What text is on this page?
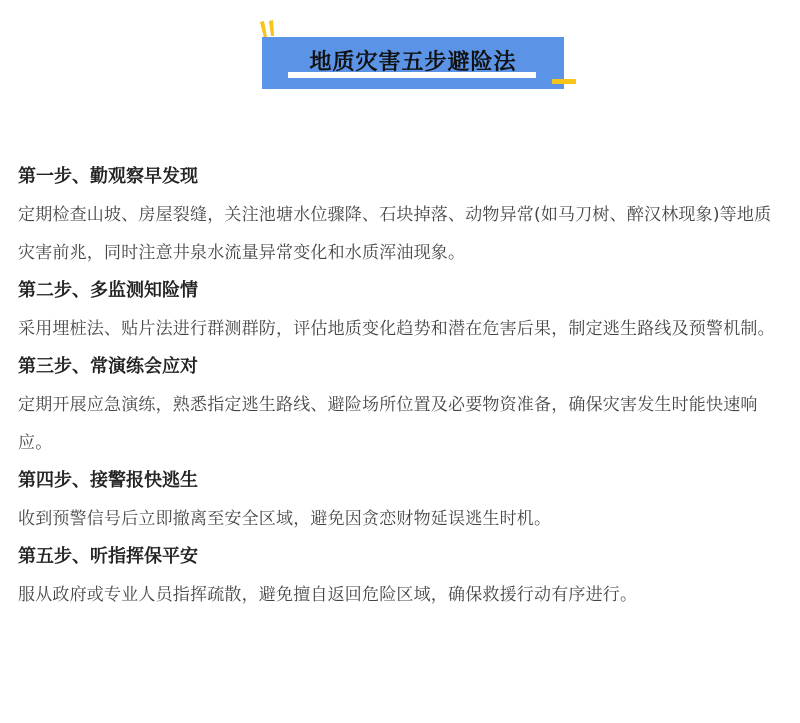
地质灾害五步避险法
第一步、勤观察早发现
定期检查山坡、房屋裂缝，关注池塘水位骤降、石块掉落、动物异常(如马刀树、醉汉林现象)等地质灾害前兆，同时注意井泉水流量异常变化和水质浑油现象。
第二步、多监测知险情
采用埋桩法、贴片法进行群测群防，评估地质变化趋势和潜在危害后果，制定逃生路线及预警机制。
第三步、常演练会应对
定期开展应急演练，熟悉指定逃生路线、避险场所位置及必要物资准备，确保灾害发生时能快速响应。
第四步、接警报快逃生
收到预警信号后立即撤离至安全区域，避免因贪恋财物延误逃生时机。
第五步、听指挥保平安
服从政府或专业人员指挥疏散，避免擅自返回危险区域，确保救援行动有序进行。
